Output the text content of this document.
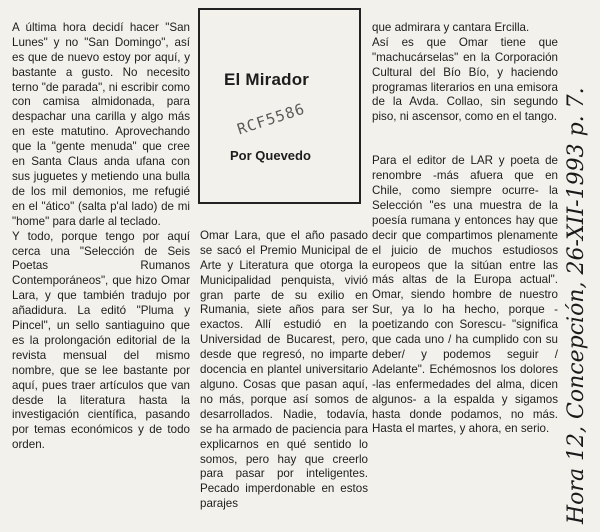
A última hora decidí hacer "San Lunes" y no "San Domingo", así es que de nuevo estoy por aquí, y bastante a gusto. No necesito terno "de parada", ni escribir como con camisa almidonada, para despachar una carilla y algo más en este matutino. Aprovechando que la "gente menuda" que cree en Santa Claus anda ufana con sus juguetes y metiendo una bulla de los mil demonios, me refugié en el "ático" (salta p'al lado) de mi "home" para darle al teclado.
Y todo, porque tengo por aquí cerca una "Selección de Seis Poetas Rumanos Contemporáneos", que hizo Omar Lara, y que también tradujo por añadidura. La editó "Pluma y Pincel", un sello santiaguino que es la prolongación editorial de la revista mensual del mismo nombre, que se lee bastante por aquí, pues traer artículos que van desde la literatura hasta la investigación científica, pasando por temas económicos y de todo orden.

El Mirador
RCF5586
Por Quevedo

Omar Lara, que el año pasado se sacó el Premio Municipal de Arte y Literatura que otorga la Municipalidad penquista, vivió gran parte de su exilio en Rumania, siete años para ser exactos. Allí estudió en la Universidad de Bucarest, pero, desde que regresó, no imparte docencia en plantel universitario alguno. Cosas que pasan aquí, no más, porque así somos de desarrollados. Nadie, todavía, se ha armado de paciencia para explicarnos en qué sentido lo somos, pero hay que creerlo para pasar por inteligentes. Pecado imperdonable en estos parajes

que admirara y cantara Ercilla.
Así es que Omar tiene que "machucárselas" en la Corporación Cultural del Bío Bío, y haciendo programas literarios en una emisora de la Avda. Collao, sin segundo piso, ni ascensor, como en el tango.

Para el editor de LAR y poeta de renombre -más afuera que en Chile, como siempre ocurre- la Selección "es una muestra de la poesía rumana y entonces hay que decir que compartimos plenamente el juicio de muchos estudiosos europeos que la sitúan entre las más altas de la Europa actual". Omar, siendo hombre de nuestro Sur, ya lo ha hecho, porque -poetizando con Sorescu- "significa que cada uno / ha cumplido con su deber/ y podemos seguir / Adelante". Echémosnos los dolores -las enfermedades del alma, dicen algunos- a la espalda y sigamos hasta donde podamos, no más. Hasta el martes, y ahora, en serio. Hora 12, Concepción, 26-XII-1993 p. 7.
